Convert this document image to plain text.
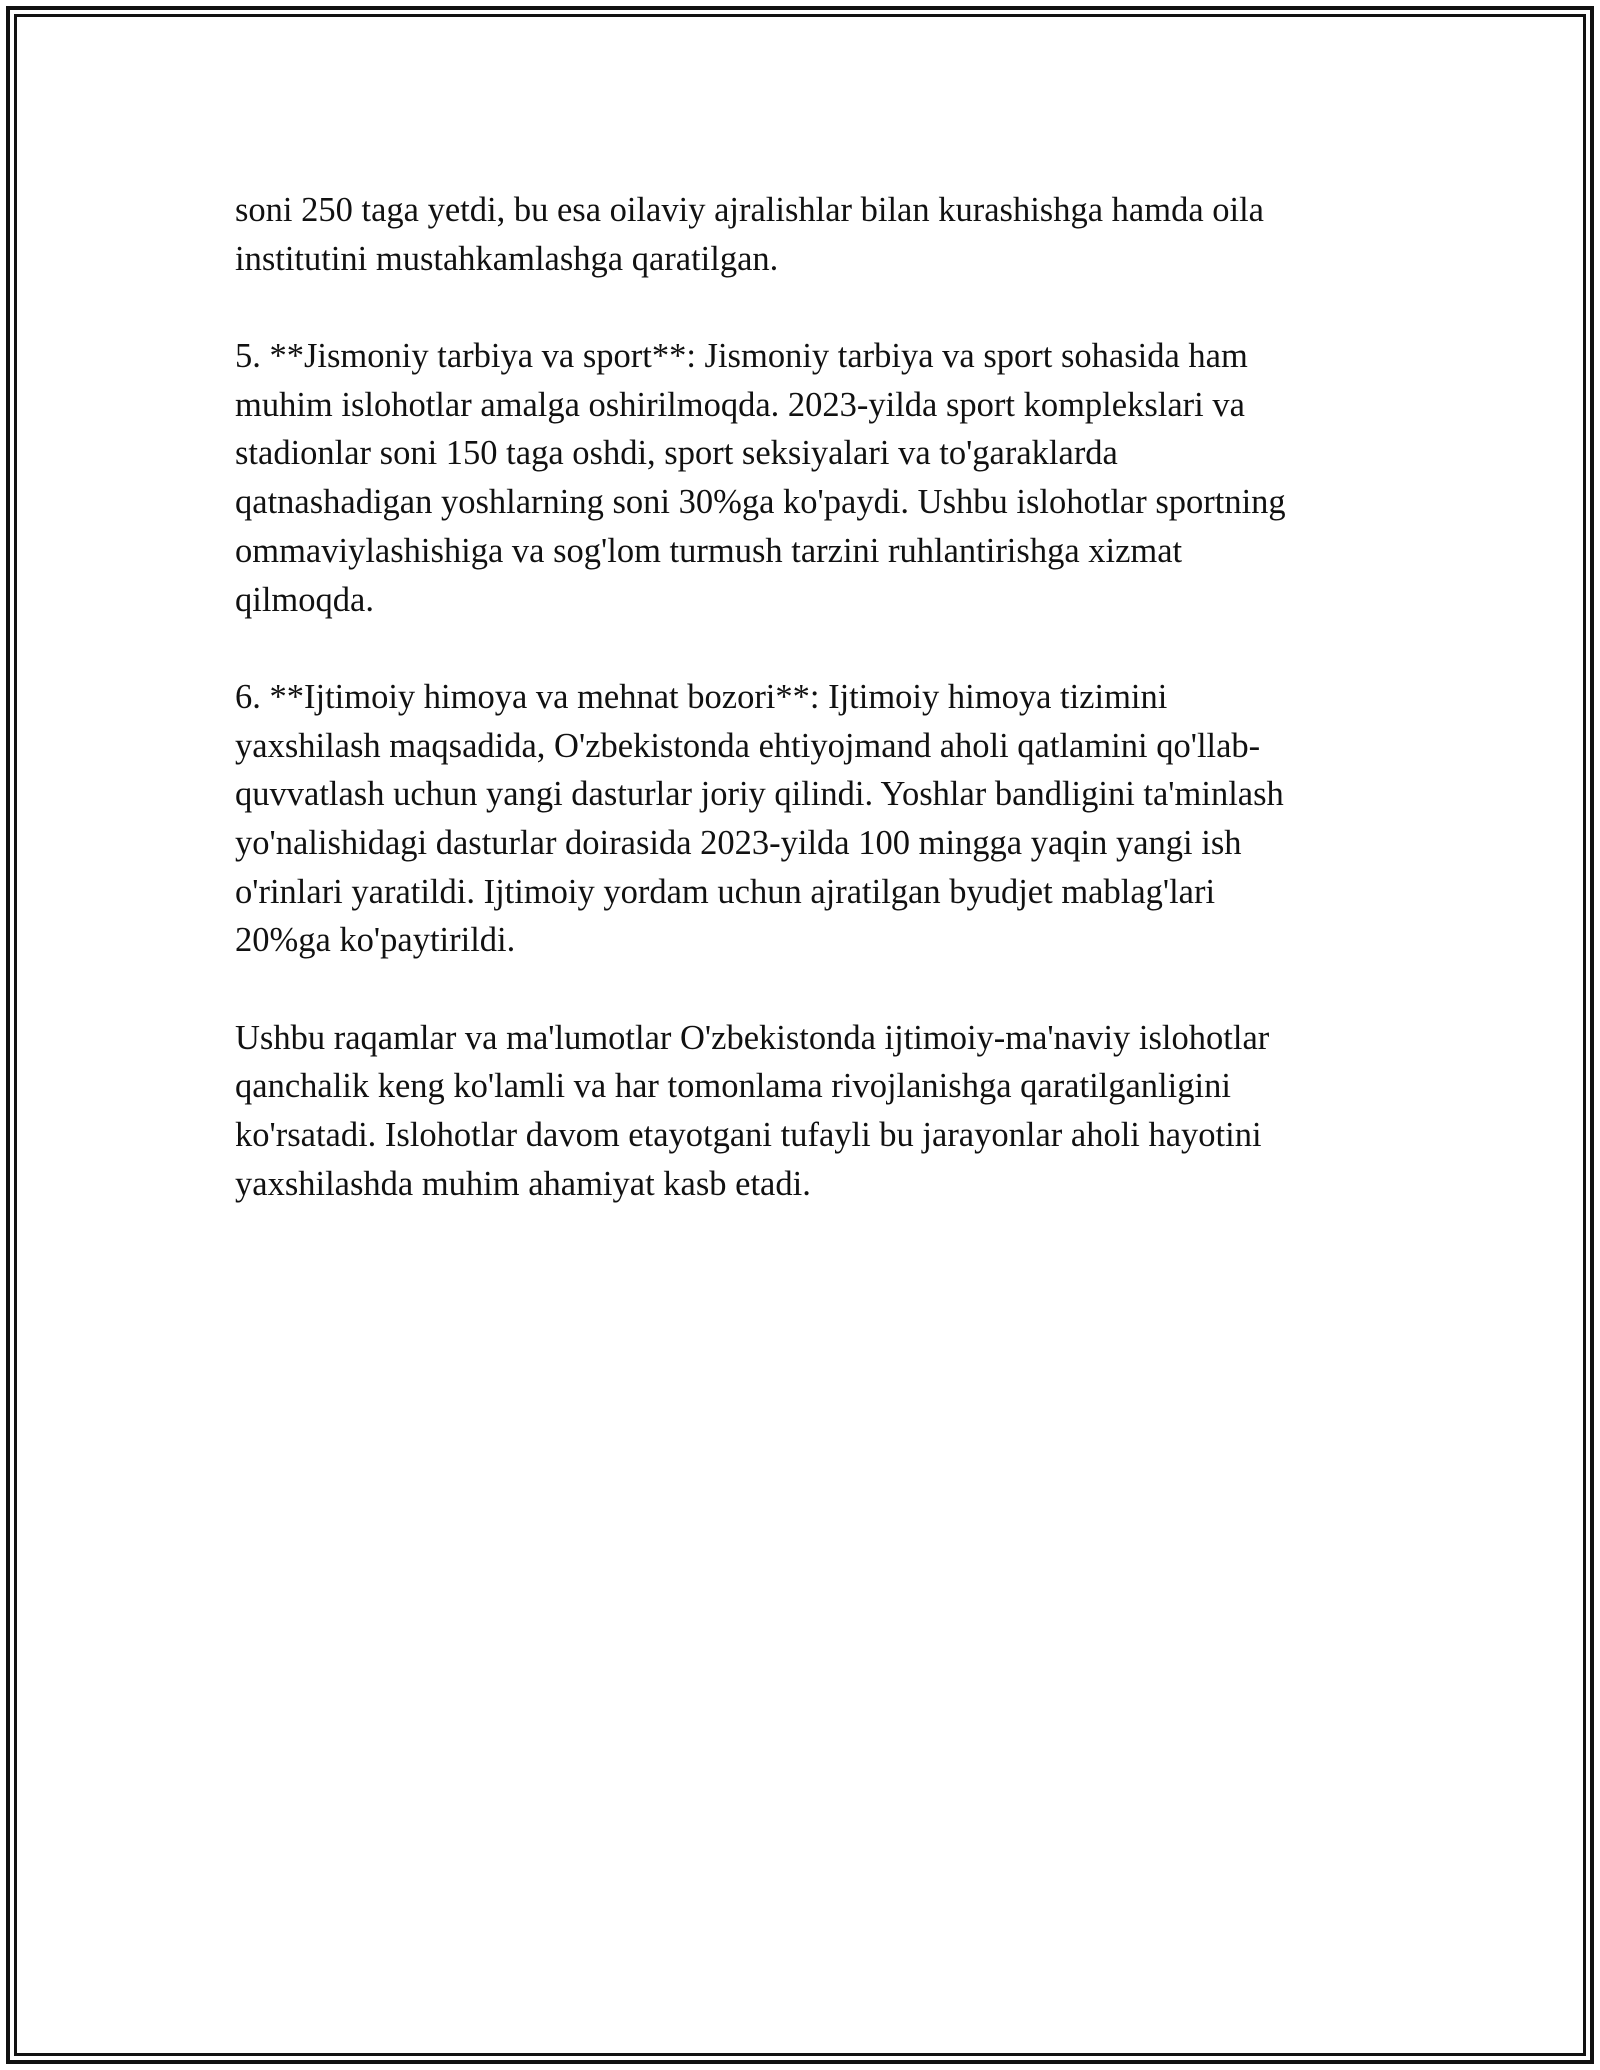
soni 250 taga yetdi, bu esa oilaviy ajralishlar bilan kurashishga hamda oila
institutini mustahkamlashga qaratilgan.

5. **Jismoniy tarbiya va sport**: Jismoniy tarbiya va sport sohasida ham
muhim islohotlar amalga oshirilmoqda. 2023-yilda sport komplekslari va
stadionlar soni 150 taga oshdi, sport seksiyalari va to'garaklarda
qatnashadigan yoshlarning soni 30%ga ko'paydi. Ushbu islohotlar sportning
ommaviylashishiga va sog'lom turmush tarzini ruhlantirishga xizmat
qilmoqda.

6. **Ijtimoiy himoya va mehnat bozori**: Ijtimoiy himoya tizimini
yaxshilash maqsadida, O'zbekistonda ehtiyojmand aholi qatlamini qo'llab-
quvvatlash uchun yangi dasturlar joriy qilindi. Yoshlar bandligini ta'minlash
yo'nalishidagi dasturlar doirasida 2023-yilda 100 mingga yaqin yangi ish
o'rinlari yaratildi. Ijtimoiy yordam uchun ajratilgan byudjet mablag'lari
20%ga ko'paytirildi.

Ushbu raqamlar va ma'lumotlar O'zbekistonda ijtimoiy-ma'naviy islohotlar
qanchalik keng ko'lamli va har tomonlama rivojlanishga qaratilganligini
ko'rsatadi. Islohotlar davom etayotgani tufayli bu jarayonlar aholi hayotini
yaxshilashda muhim ahamiyat kasb etadi.
